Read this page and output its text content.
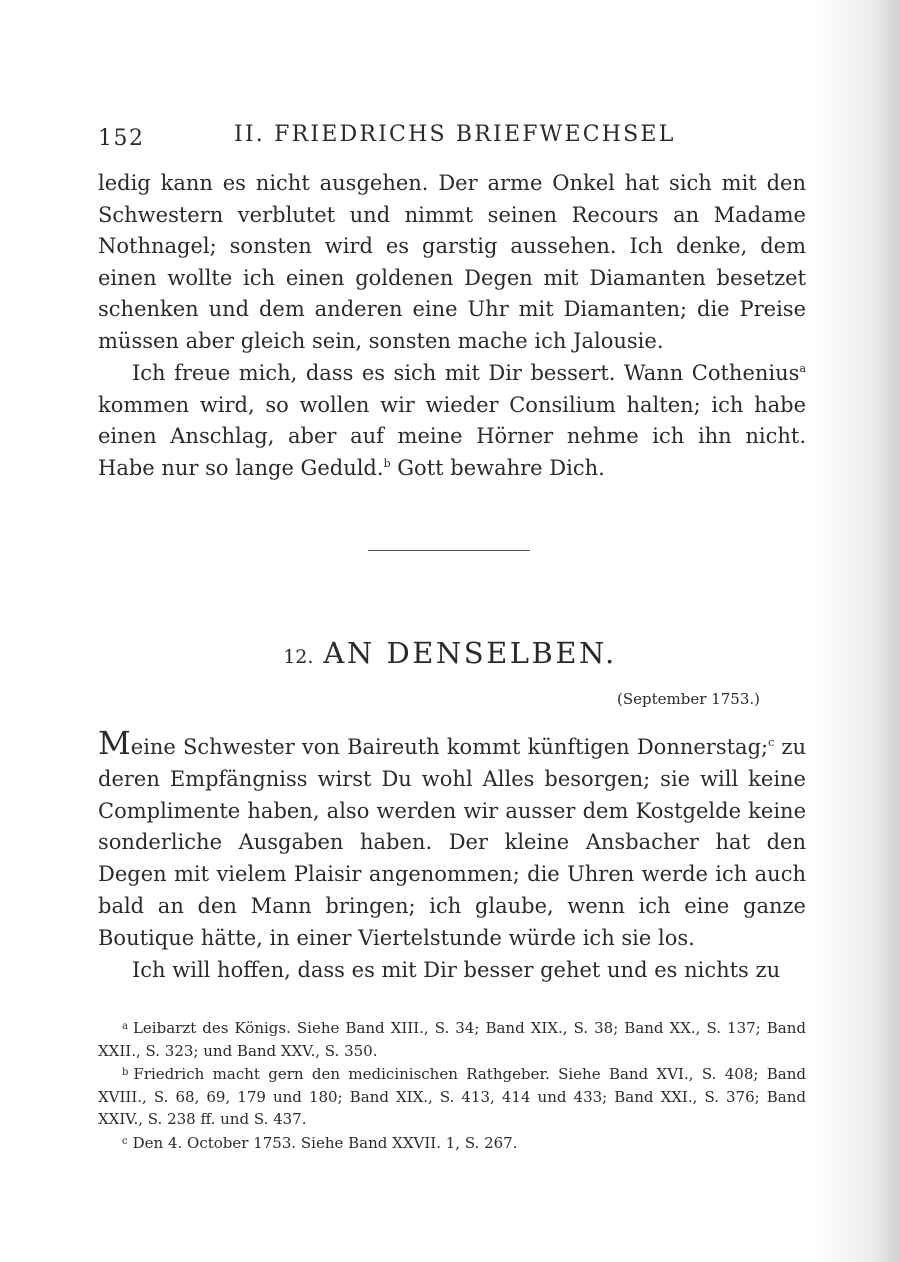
152	II. FRIEDRICHS BRIEFWECHSEL

ledig kann es nicht ausgehen. Der arme Onkel hat sich mit den Schwestern verblutet und nimmt seinen Recours an Madame Nothnagel; sonsten wird es garstig aussehen. Ich denke, dem einen wollte ich einen goldenen Degen mit Diamanten besetzet schenken und dem anderen eine Uhr mit Diamanten; die Preise müssen aber gleich sein, sonsten mache ich Jalousie.

Ich freue mich, dass es sich mit Dir bessert. Wann Cothenius$^a$ kommen wird, so wollen wir wieder Consilium halten; ich habe einen Anschlag, aber auf meine Hörner nehme ich ihn nicht. Habe nur so lange Geduld.$^b$ Gott bewahre Dich.

12. AN DENSELBEN.
(September 1753.)

Meine Schwester von Baireuth kommt künftigen Donnerstag;$^c$ zu deren Empfängniss wirst Du wohl Alles besorgen; sie will keine Complimente haben, also werden wir ausser dem Kostgelde keine sonderliche Ausgaben haben. Der kleine Ansbacher hat den Degen mit vielem Plaisir angenommen; die Uhren werde ich auch bald an den Mann bringen; ich glaube, wenn ich eine ganze Boutique hätte, in einer Viertelstunde würde ich sie los.

Ich will hoffen, dass es mit Dir besser gehet und es nichts zu

$^a$ Leibarzt des Königs. Siehe Band XIII., S. 34; Band XIX., S. 38; Band XX., S. 137; Band XXII., S. 323; und Band XXV., S. 350.

$^b$ Friedrich macht gern den medicinischen Rathgeber. Siehe Band XVI., S. 408; Band XVIII., S. 68, 69, 179 und 180; Band XIX., S. 413, 414 und 433; Band XXI., S. 376; Band XXIV., S. 238 ff. und S. 437.

$^c$ Den 4. October 1753. Siehe Band XXVII. 1, S. 267.
